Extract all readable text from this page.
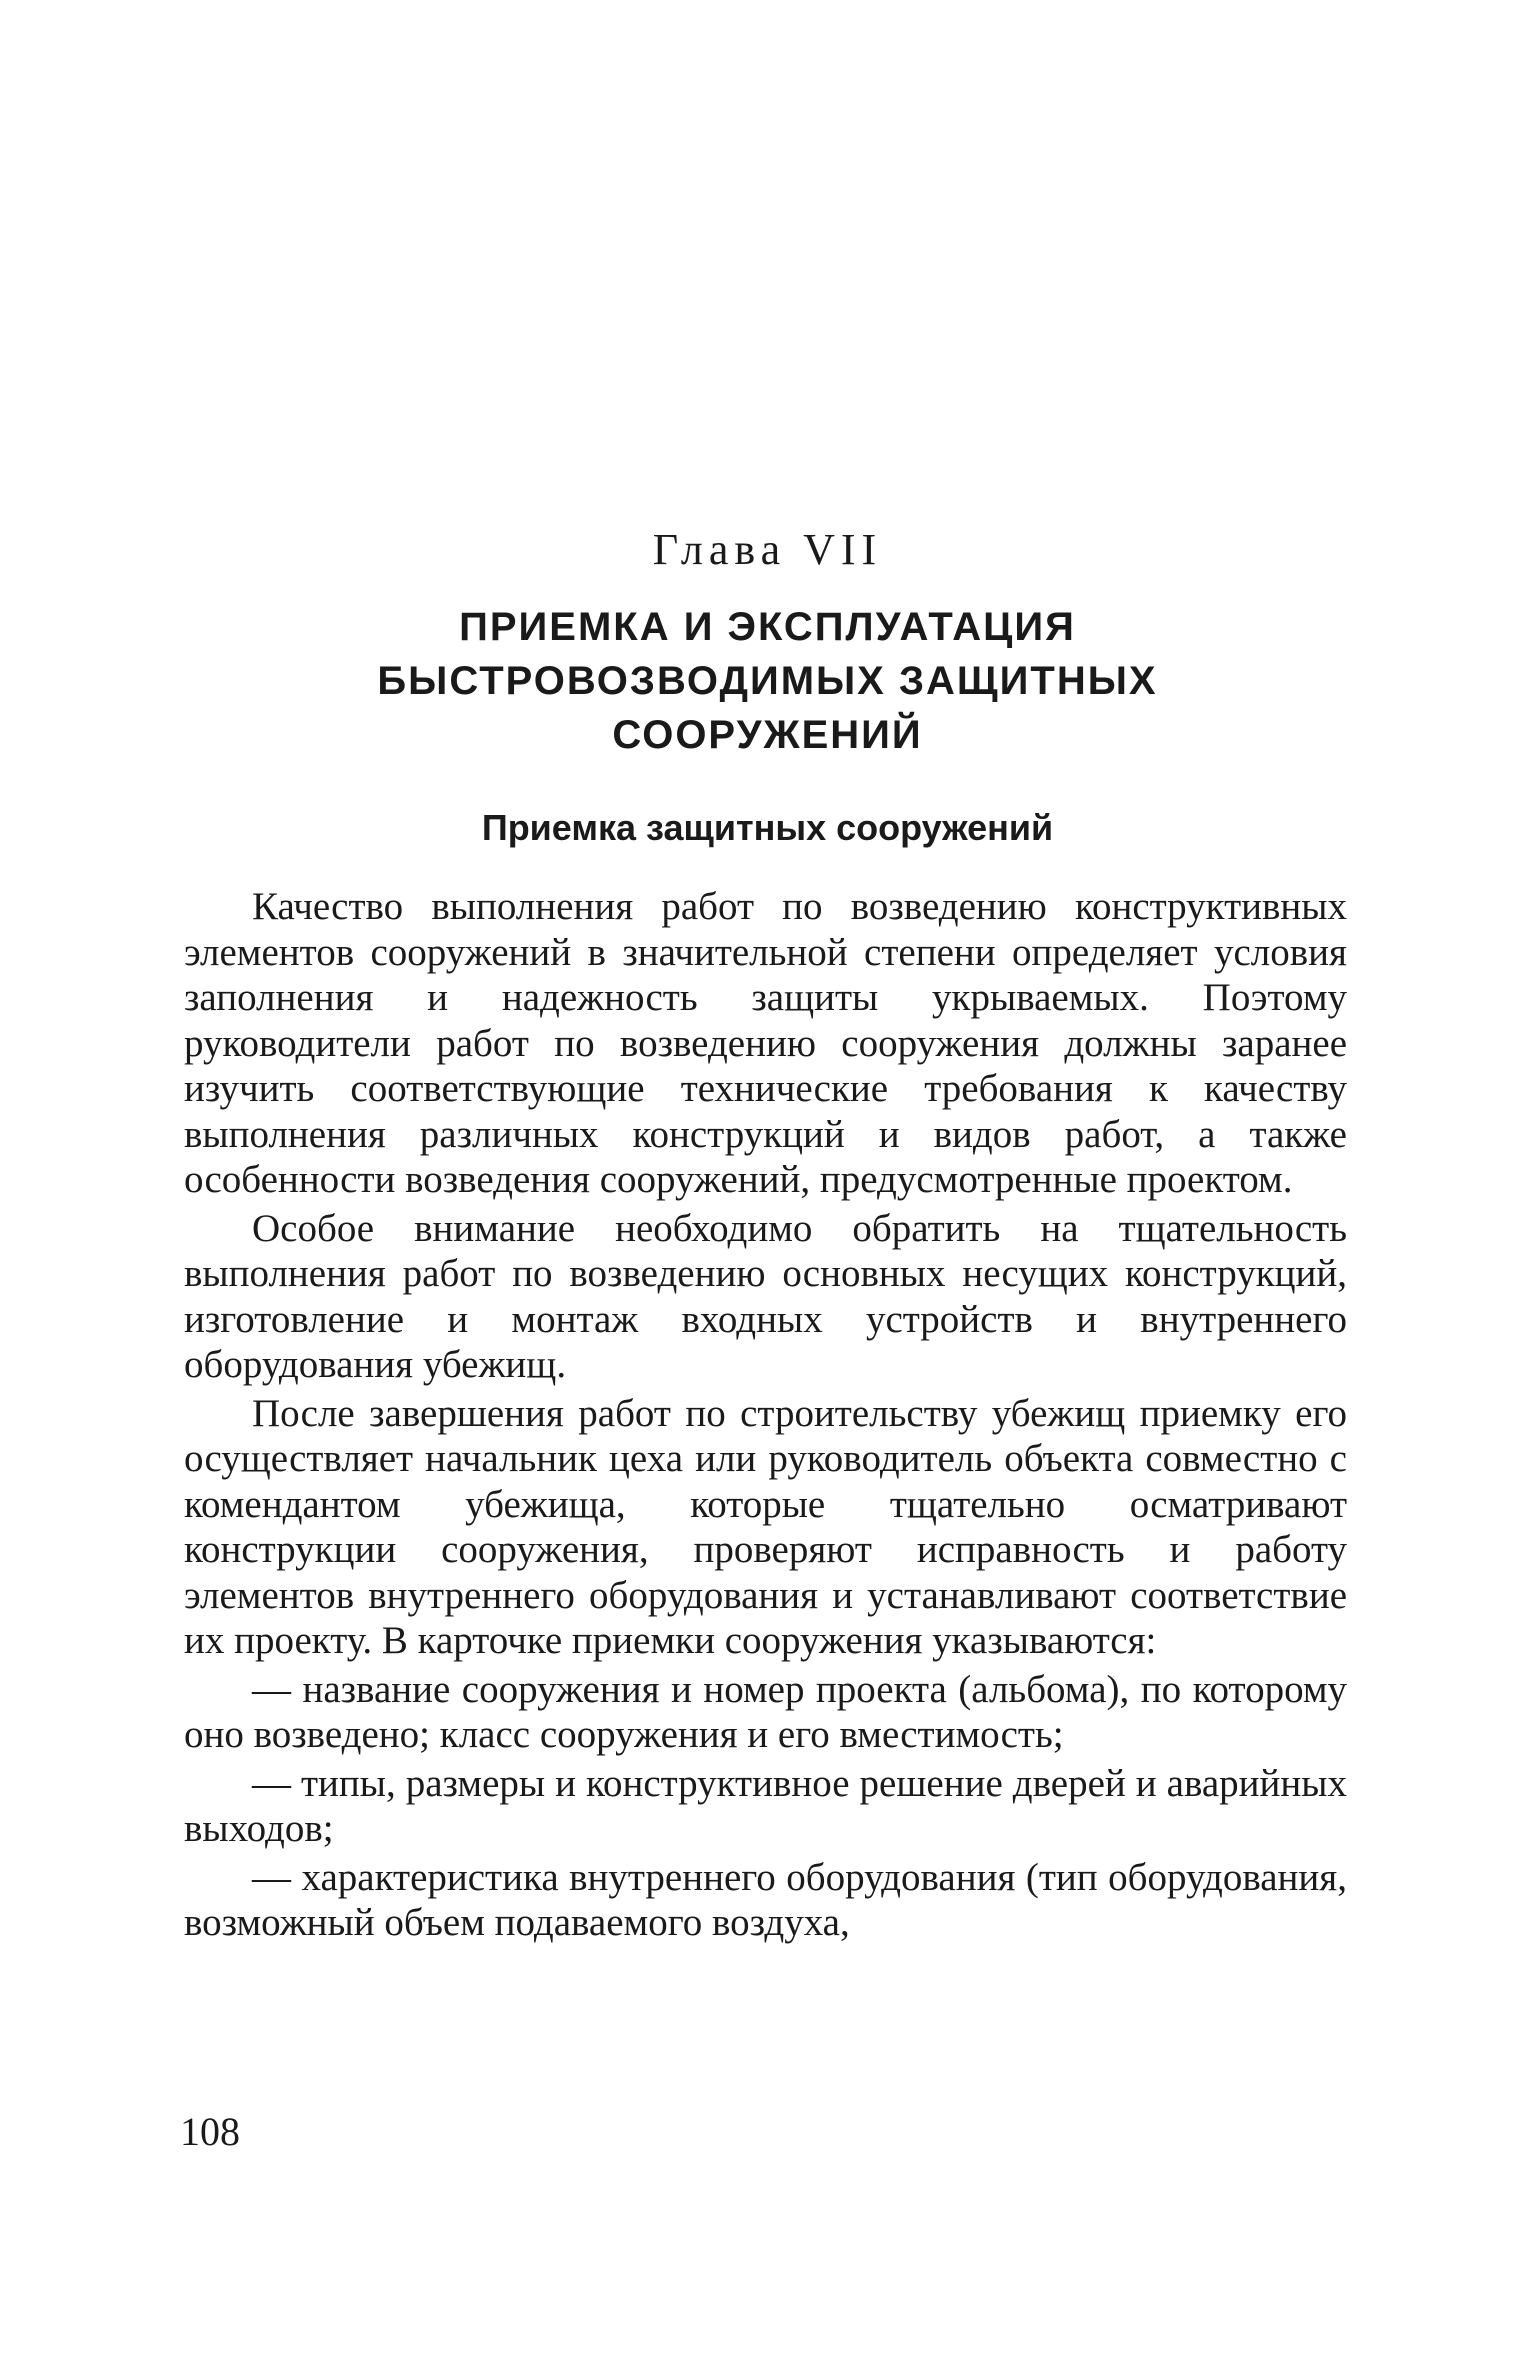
Глава VII
ПРИЕМКА И ЭКСПЛУАТАЦИЯ
БЫСТРОВОЗВОДИМЫХ ЗАЩИТНЫХ
СООРУЖЕНИЙ
Приемка защитных сооружений

Качество выполнения работ по возведению конструктивных элементов сооружений в значительной степени определяет условия заполнения и надежность защиты укрываемых. Поэтому руководители работ по возведению сооружения должны заранее изучить соответствующие технические требования к качеству выполнения различных конструкций и видов работ, а также особенности возведения сооружений, предусмотренные проектом.

Особое внимание необходимо обратить на тщательность выполнения работ по возведению основных несущих конструкций, изготовление и монтаж входных устройств и внутреннего оборудования убежищ.

После завершения работ по строительству убежищ приемку его осуществляет начальник цеха или руководитель объекта совместно с комендантом убежища, которые тщательно осматривают конструкции сооружения, проверяют исправность и работу элементов внутреннего оборудования и устанавливают соответствие их проекту. В карточке приемки сооружения указываются:

— название сооружения и номер проекта (альбома), по которому оно возведено; класс сооружения и его вместимость;

— типы, размеры и конструктивное решение дверей и аварийных выходов;

— характеристика внутреннего оборудования (тип оборудования, возможный объем подаваемого воздуха,

108
